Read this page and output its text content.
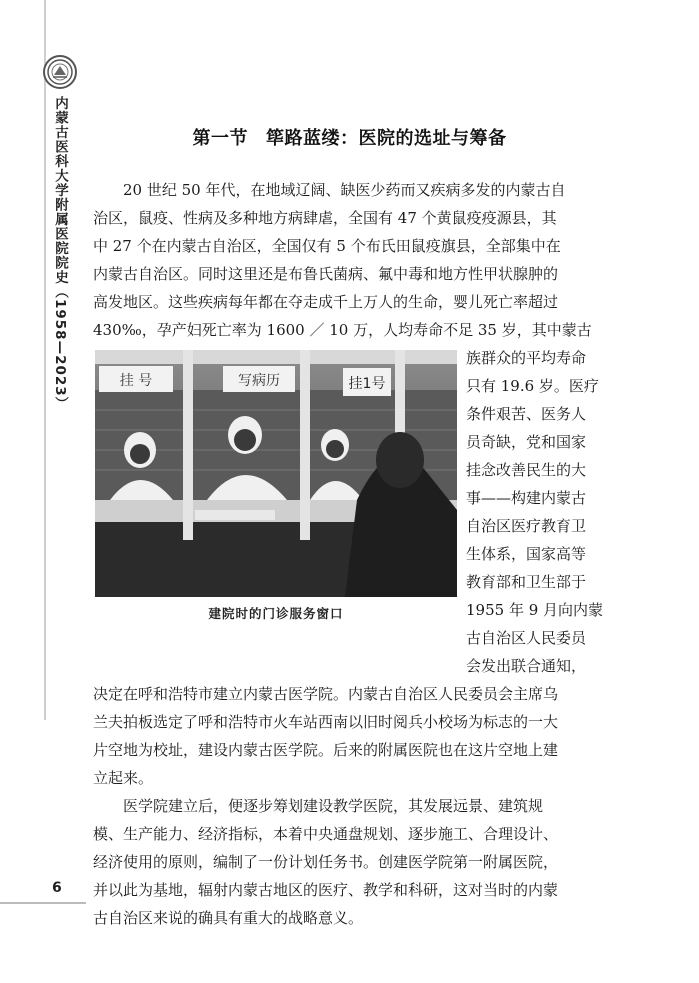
内蒙古医科大学附属医院院史（1958—2023）	第一节 筚路蓝缕：医院的选址与筹备
20 世纪 50 年代，在地域辽阔、缺医少药而又疾病多发的内蒙古自
治区，鼠疫、性病及多种地方病肆虐，全国有 47 个黄鼠疫疫源县，其
中 27 个在内蒙古自治区，全国仅有 5 个布氏田鼠疫旗县，全部集中在
内蒙古自治区。同时这里还是布鲁氏菌病、氟中毒和地方性甲状腺肿的
高发地区。这些疾病每年都在夺走成千上万人的生命，婴儿死亡率超过
430‰，孕产妇死亡率为 1600 ／ 10 万，人均寿命不足 35 岁，其中蒙古
挂 号	写病历	挂1号
族群众的平均寿命
只有 19.6 岁。医疗
条件艰苦、医务人
员奇缺，党和国家
挂念改善民生的大
事——构建内蒙古
自治区医疗教育卫
生体系，国家高等
教育部和卫生部于
1955 年 9 月向内蒙
古自治区人民委员
会发出联合通知，
建院时的门诊服务窗口
决定在呼和浩特市建立内蒙古医学院。内蒙古自治区人民委员会主席乌
兰夫拍板选定了呼和浩特市火车站西南以旧时阅兵小校场为标志的一大
片空地为校址，建设内蒙古医学院。后来的附属医院也在这片空地上建
立起来。
医学院建立后，便逐步筹划建设教学医院，其发展远景、建筑规
模、生产能力、经济指标，本着中央通盘规划、逐步施工、合理设计、
经济使用的原则，编制了一份计划任务书。创建医学院第一附属医院，
并以此为基地，辐射内蒙古地区的医疗、教学和科研，这对当时的内蒙
古自治区来说的确具有重大的战略意义。
6
